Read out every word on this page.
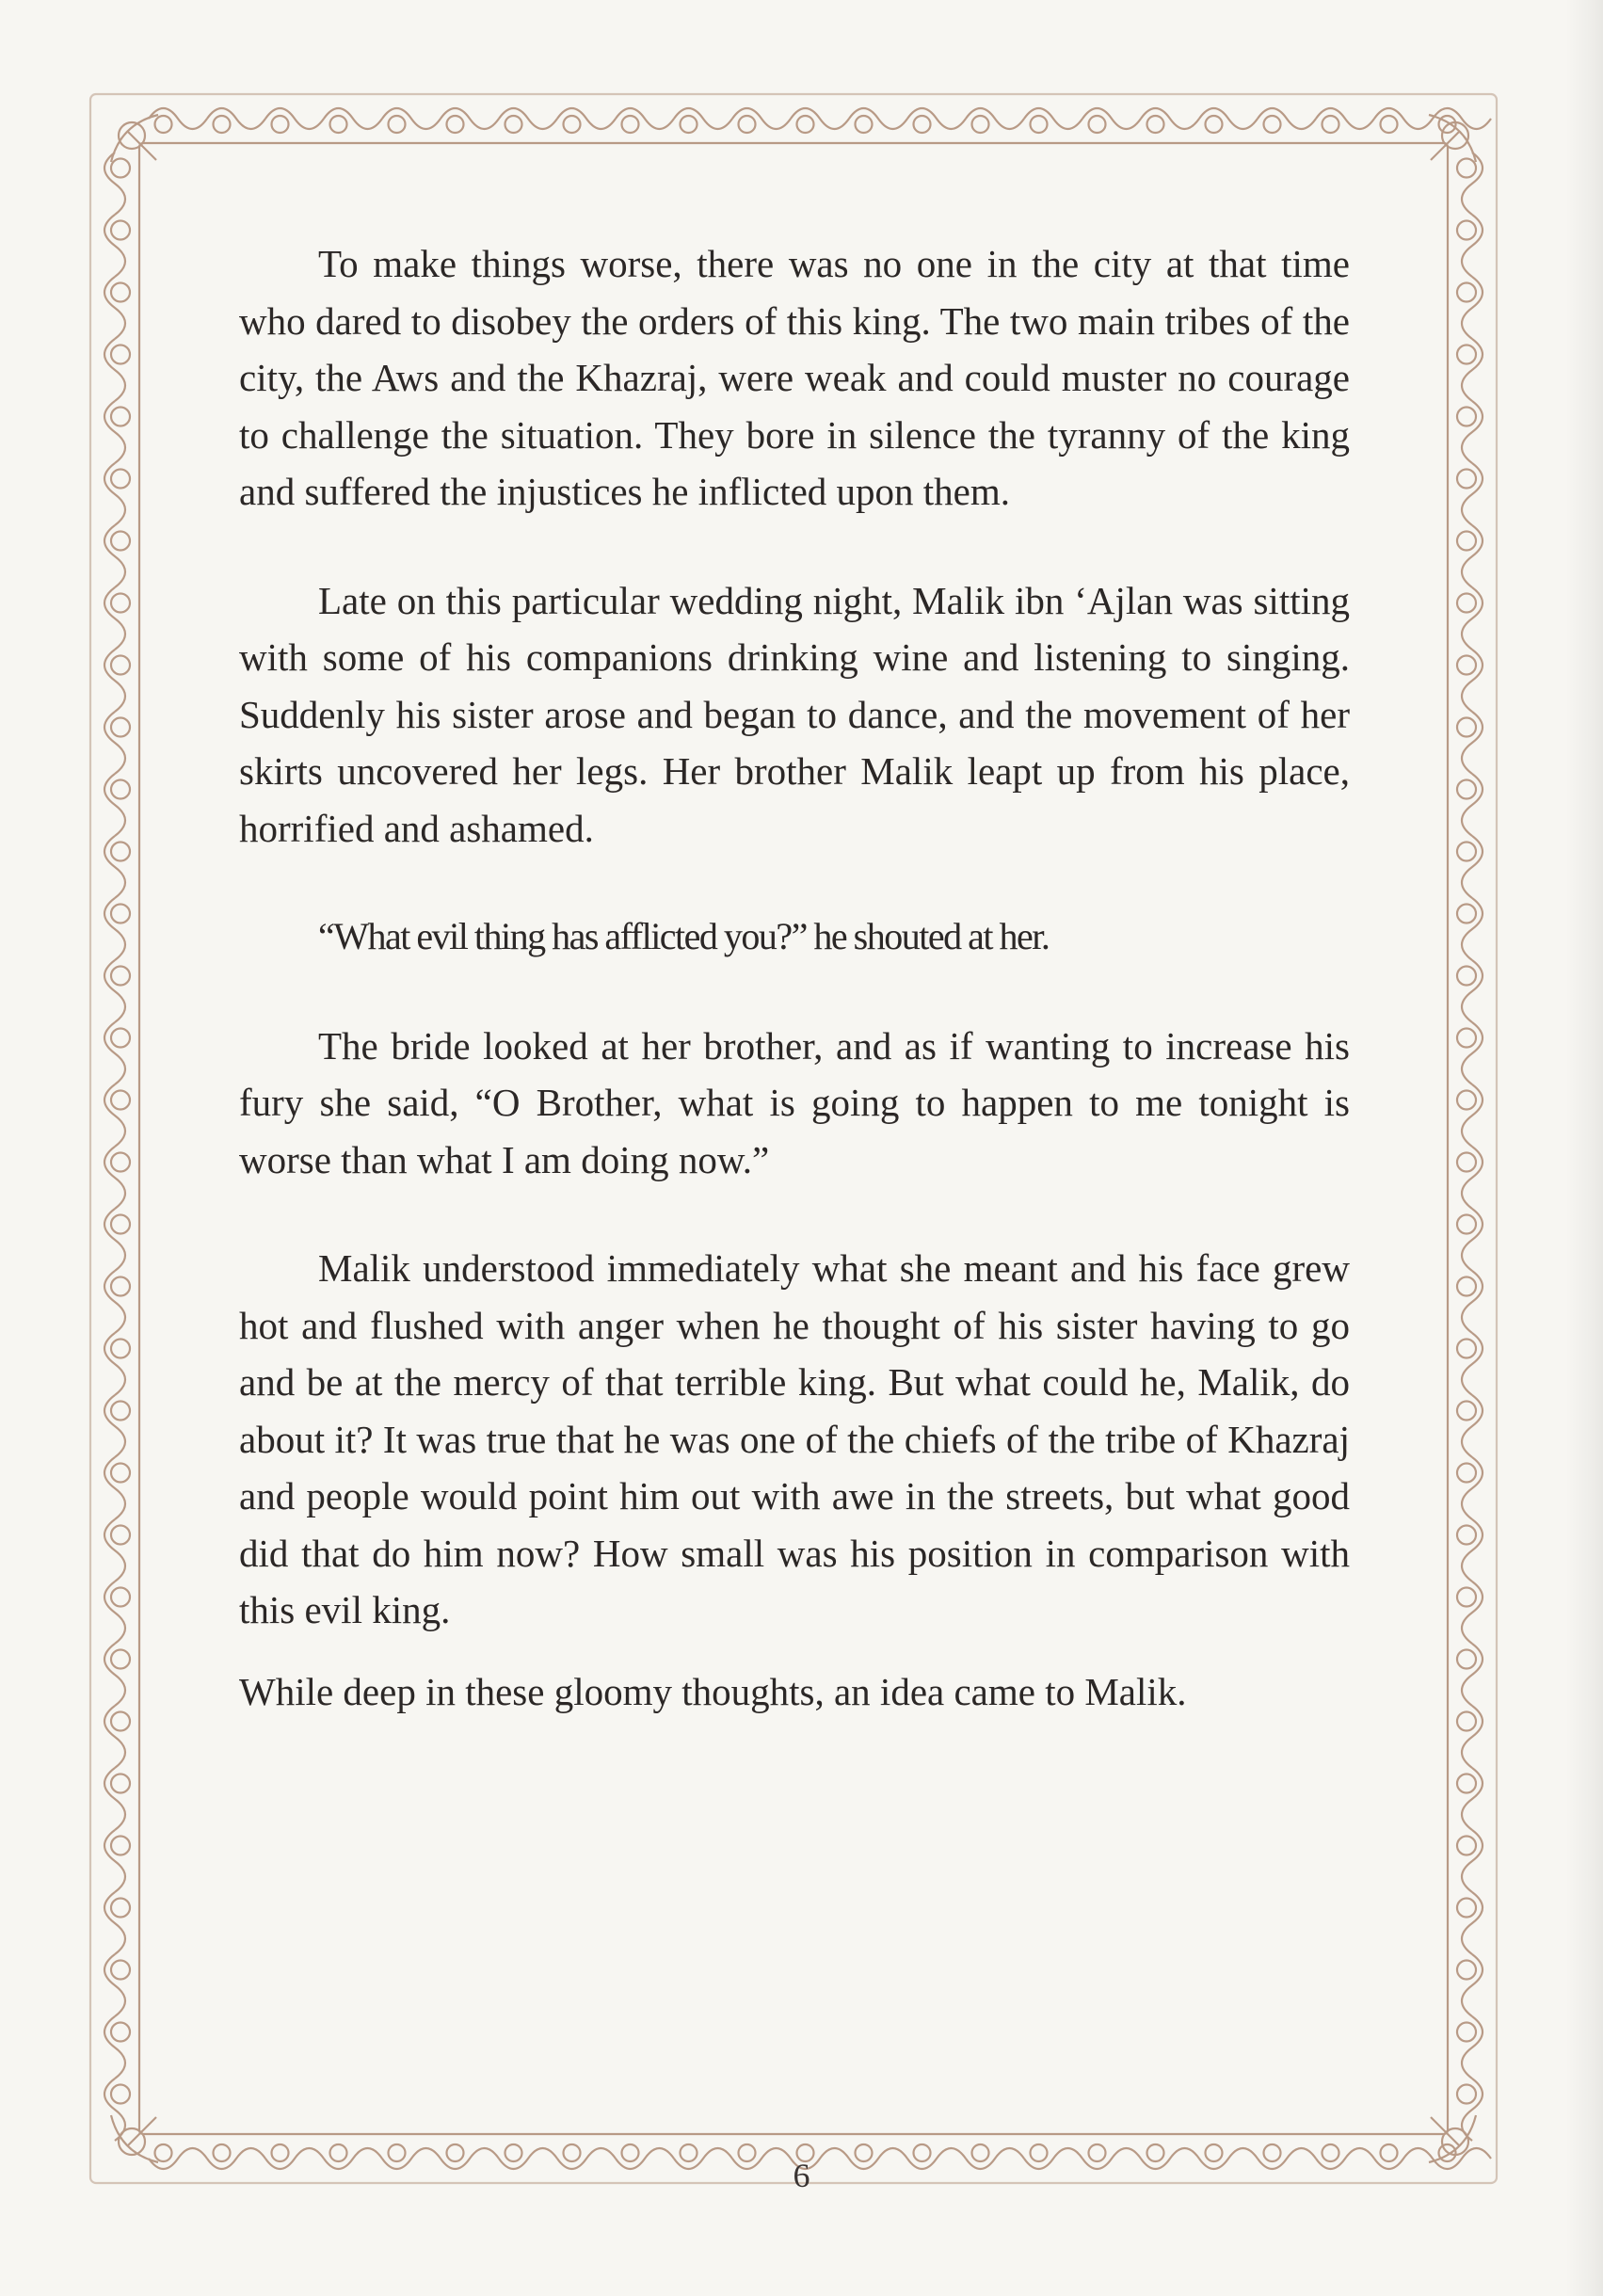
To make things worse, there was no one in the city at that time who dared to disobey the orders of this king. The two main tribes of the city, the Aws and the Khazraj, were weak and could muster no courage to challenge the situation. They bore in silence the tyranny of the king and suffered the injustices he inflicted upon them.

Late on this particular wedding night, Malik ibn ‘Ajlan was sitting with some of his companions drinking wine and listening to singing. Suddenly his sister arose and began to dance, and the movement of her skirts uncovered her legs. Her brother Malik leapt up from his place, horrified and ashamed.

“What evil thing has afflicted you?” he shouted at her.

The bride looked at her brother, and as if wanting to increase his fury she said, “O Brother, what is going to happen to me tonight is worse than what I am doing now.”

Malik understood immediately what she meant and his face grew hot and flushed with anger when he thought of his sister having to go and be at the mercy of that terrible king. But what could he, Malik, do about it? It was true that he was one of the chiefs of the tribe of Khazraj and people would point him out with awe in the streets, but what good did that do him now? How small was his position in comparison with this evil king.

While deep in these gloomy thoughts, an idea came to Malik.

6
